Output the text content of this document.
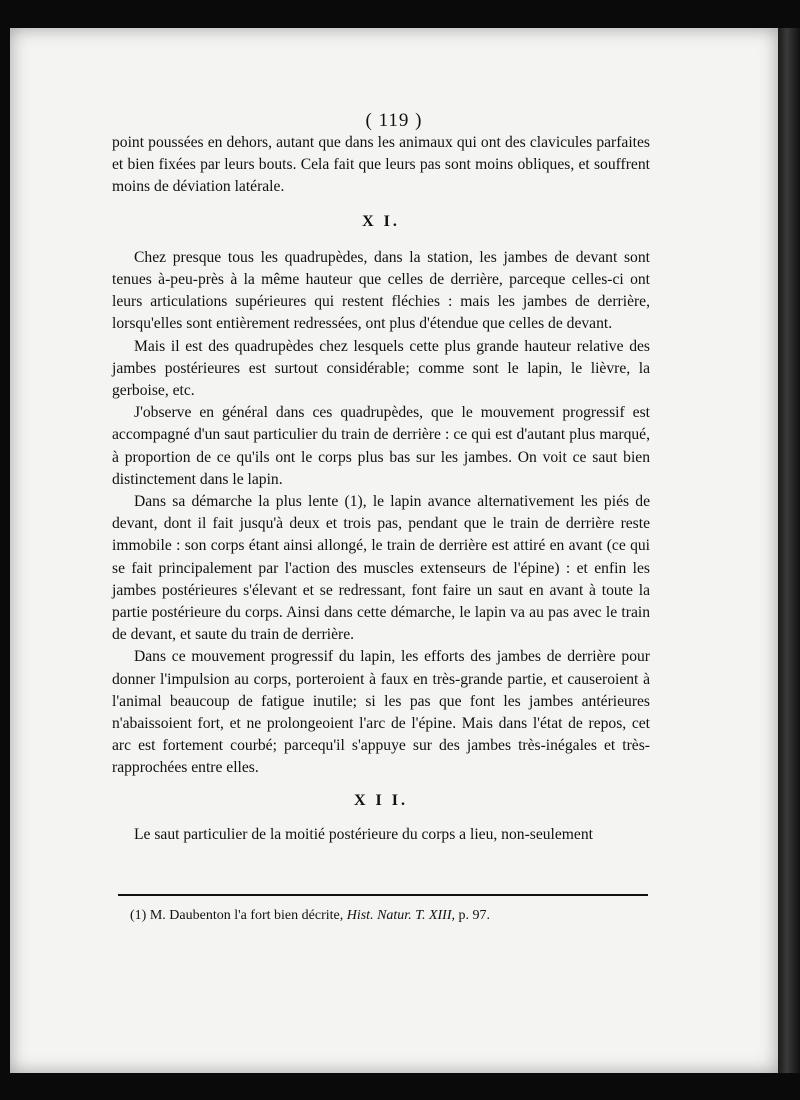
( 119 )

point poussées en dehors, autant que dans les animaux qui ont des clavicules parfaites et bien fixées par leurs bouts. Cela fait que leurs pas sont moins obliques, et souffrent moins de déviation latérale.

X I.

Chez presque tous les quadrupèdes, dans la station, les jambes de devant sont tenues à-peu-près à la même hauteur que celles de derrière, parceque celles-ci ont leurs articulations supérieures qui restent fléchies : mais les jambes de derrière, lorsqu'elles sont entièrement redressées, ont plus d'étendue que celles de devant.

Mais il est des quadrupèdes chez lesquels cette plus grande hauteur relative des jambes postérieures est surtout considérable; comme sont le lapin, le lièvre, la gerboise, etc.

J'observe en général dans ces quadrupèdes, que le mouvement progressif est accompagné d'un saut particulier du train de derrière : ce qui est d'autant plus marqué, à proportion de ce qu'ils ont le corps plus bas sur les jambes. On voit ce saut bien distinctement dans le lapin.

Dans sa démarche la plus lente (1), le lapin avance alternativement les piés de devant, dont il fait jusqu'à deux et trois pas, pendant que le train de derrière reste immobile : son corps étant ainsi allongé, le train de derrière est attiré en avant (ce qui se fait principalement par l'action des muscles extenseurs de l'épine) : et enfin les jambes postérieures s'élevant et se redressant, font faire un saut en avant à toute la partie postérieure du corps. Ainsi dans cette démarche, le lapin va au pas avec le train de devant, et saute du train de derrière.

Dans ce mouvement progressif du lapin, les efforts des jambes de derrière pour donner l'impulsion au corps, porteroient à faux en très-grande partie, et causeroient à l'animal beaucoup de fatigue inutile; si les pas que font les jambes antérieures n'abaissoient fort, et ne prolongeoient l'arc de l'épine. Mais dans l'état de repos, cet arc est fortement courbé; parcequ'il s'appuye sur des jambes très-inégales et très-rapprochées entre elles.

X I I.

Le saut particulier de la moitié postérieure du corps a lieu, non-seulement

(1) M. Daubenton l'a fort bien décrite, Hist. Natur. T. XIII, p. 97.
